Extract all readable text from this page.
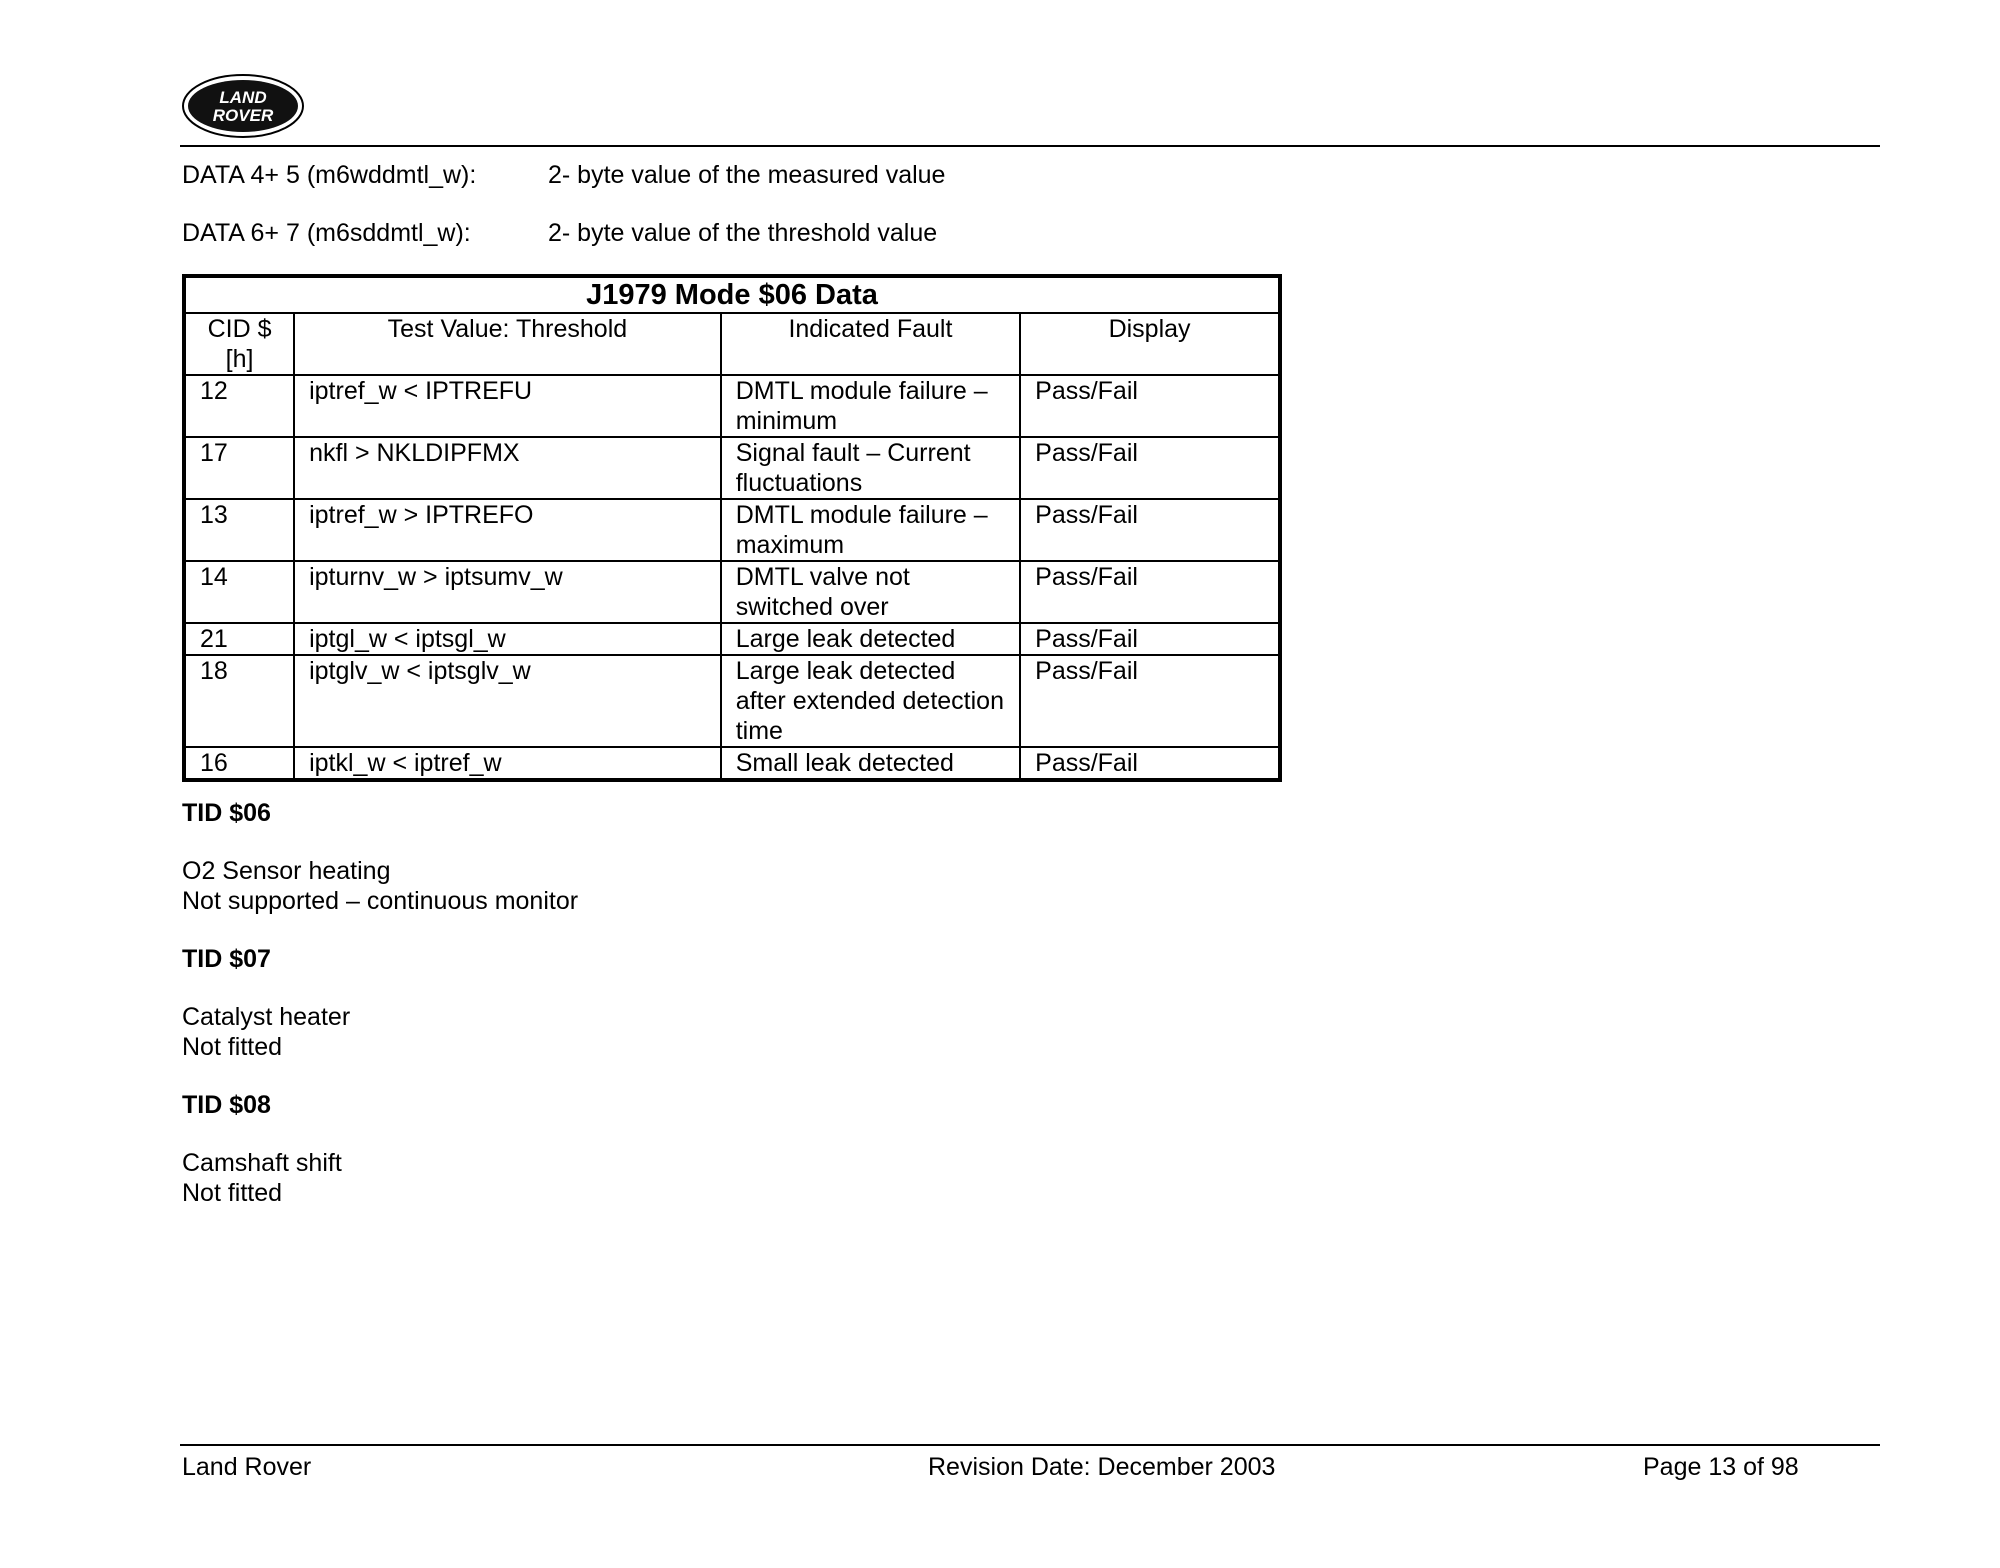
LAND
ROVER
DATA 4+ 5 (m6wddmtl_w):	2- byte value of the measured value
DATA 6+ 7 (m6sddmtl_w):	2- byte value of the threshold value
J1979 Mode $06 Data			
CID $ [h]	Test Value: Threshold	Indicated Fault	Display
12	iptref_w < IPTREFU	DMTL module failure – minimum	Pass/Fail
17	nkfl > NKLDIPFMX	Signal fault – Current fluctuations	Pass/Fail
13	iptref_w > IPTREFO	DMTL module failure – maximum	Pass/Fail
14	ipturnv_w > iptsumv_w	DMTL valve not switched over	Pass/Fail
21	iptgl_w < iptsgl_w	Large leak detected	Pass/Fail
18	iptglv_w < iptsglv_w	Large leak detected after extended detection time	Pass/Fail
16	iptkl_w < iptref_w	Small leak detected	Pass/Fail
TID $06
O2 Sensor heating
Not supported – continuous monitor
TID $07
Catalyst heater
Not fitted
TID $08
Camshaft shift
Not fitted
Land Rover	Revision Date: December 2003	Page 13 of 98
